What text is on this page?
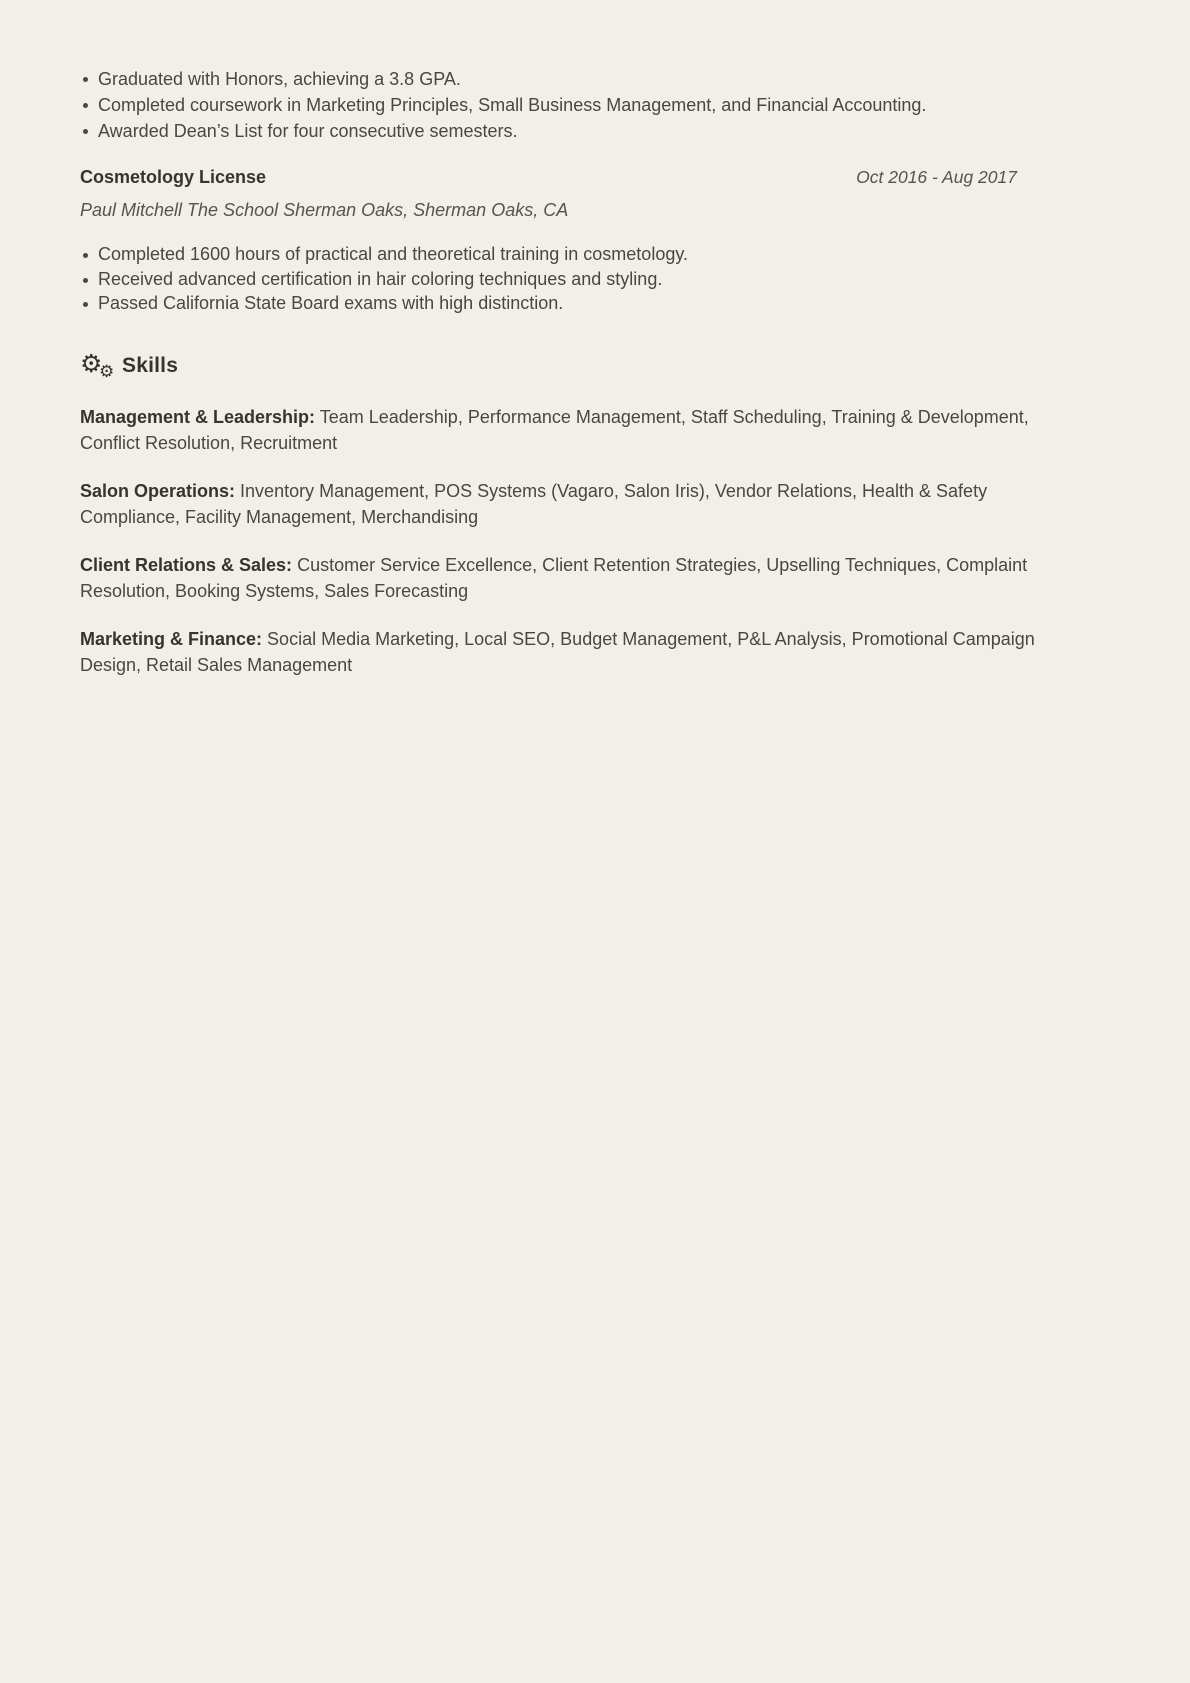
Graduated with Honors, achieving a 3.8 GPA.
Completed coursework in Marketing Principles, Small Business Management, and Financial Accounting.
Awarded Dean’s List for four consecutive semesters.
Cosmetology License	Oct 2016 - Aug 2017

Paul Mitchell The School Sherman Oaks, Sherman Oaks, CA

Completed 1600 hours of practical and theoretical training in cosmetology.
Received advanced certification in hair coloring techniques and styling.
Passed California State Board exams with high distinction.
⚙
⚙ Skills

Management & Leadership: Team Leadership, Performance Management, Staff Scheduling, Training & Development, Conflict Resolution, Recruitment

Salon Operations: Inventory Management, POS Systems (Vagaro, Salon Iris), Vendor Relations, Health & Safety Compliance, Facility Management, Merchandising

Client Relations & Sales: Customer Service Excellence, Client Retention Strategies, Upselling Techniques, Complaint Resolution, Booking Systems, Sales Forecasting

Marketing & Finance: Social Media Marketing, Local SEO, Budget Management, P&L Analysis, Promotional Campaign Design, Retail Sales Management
